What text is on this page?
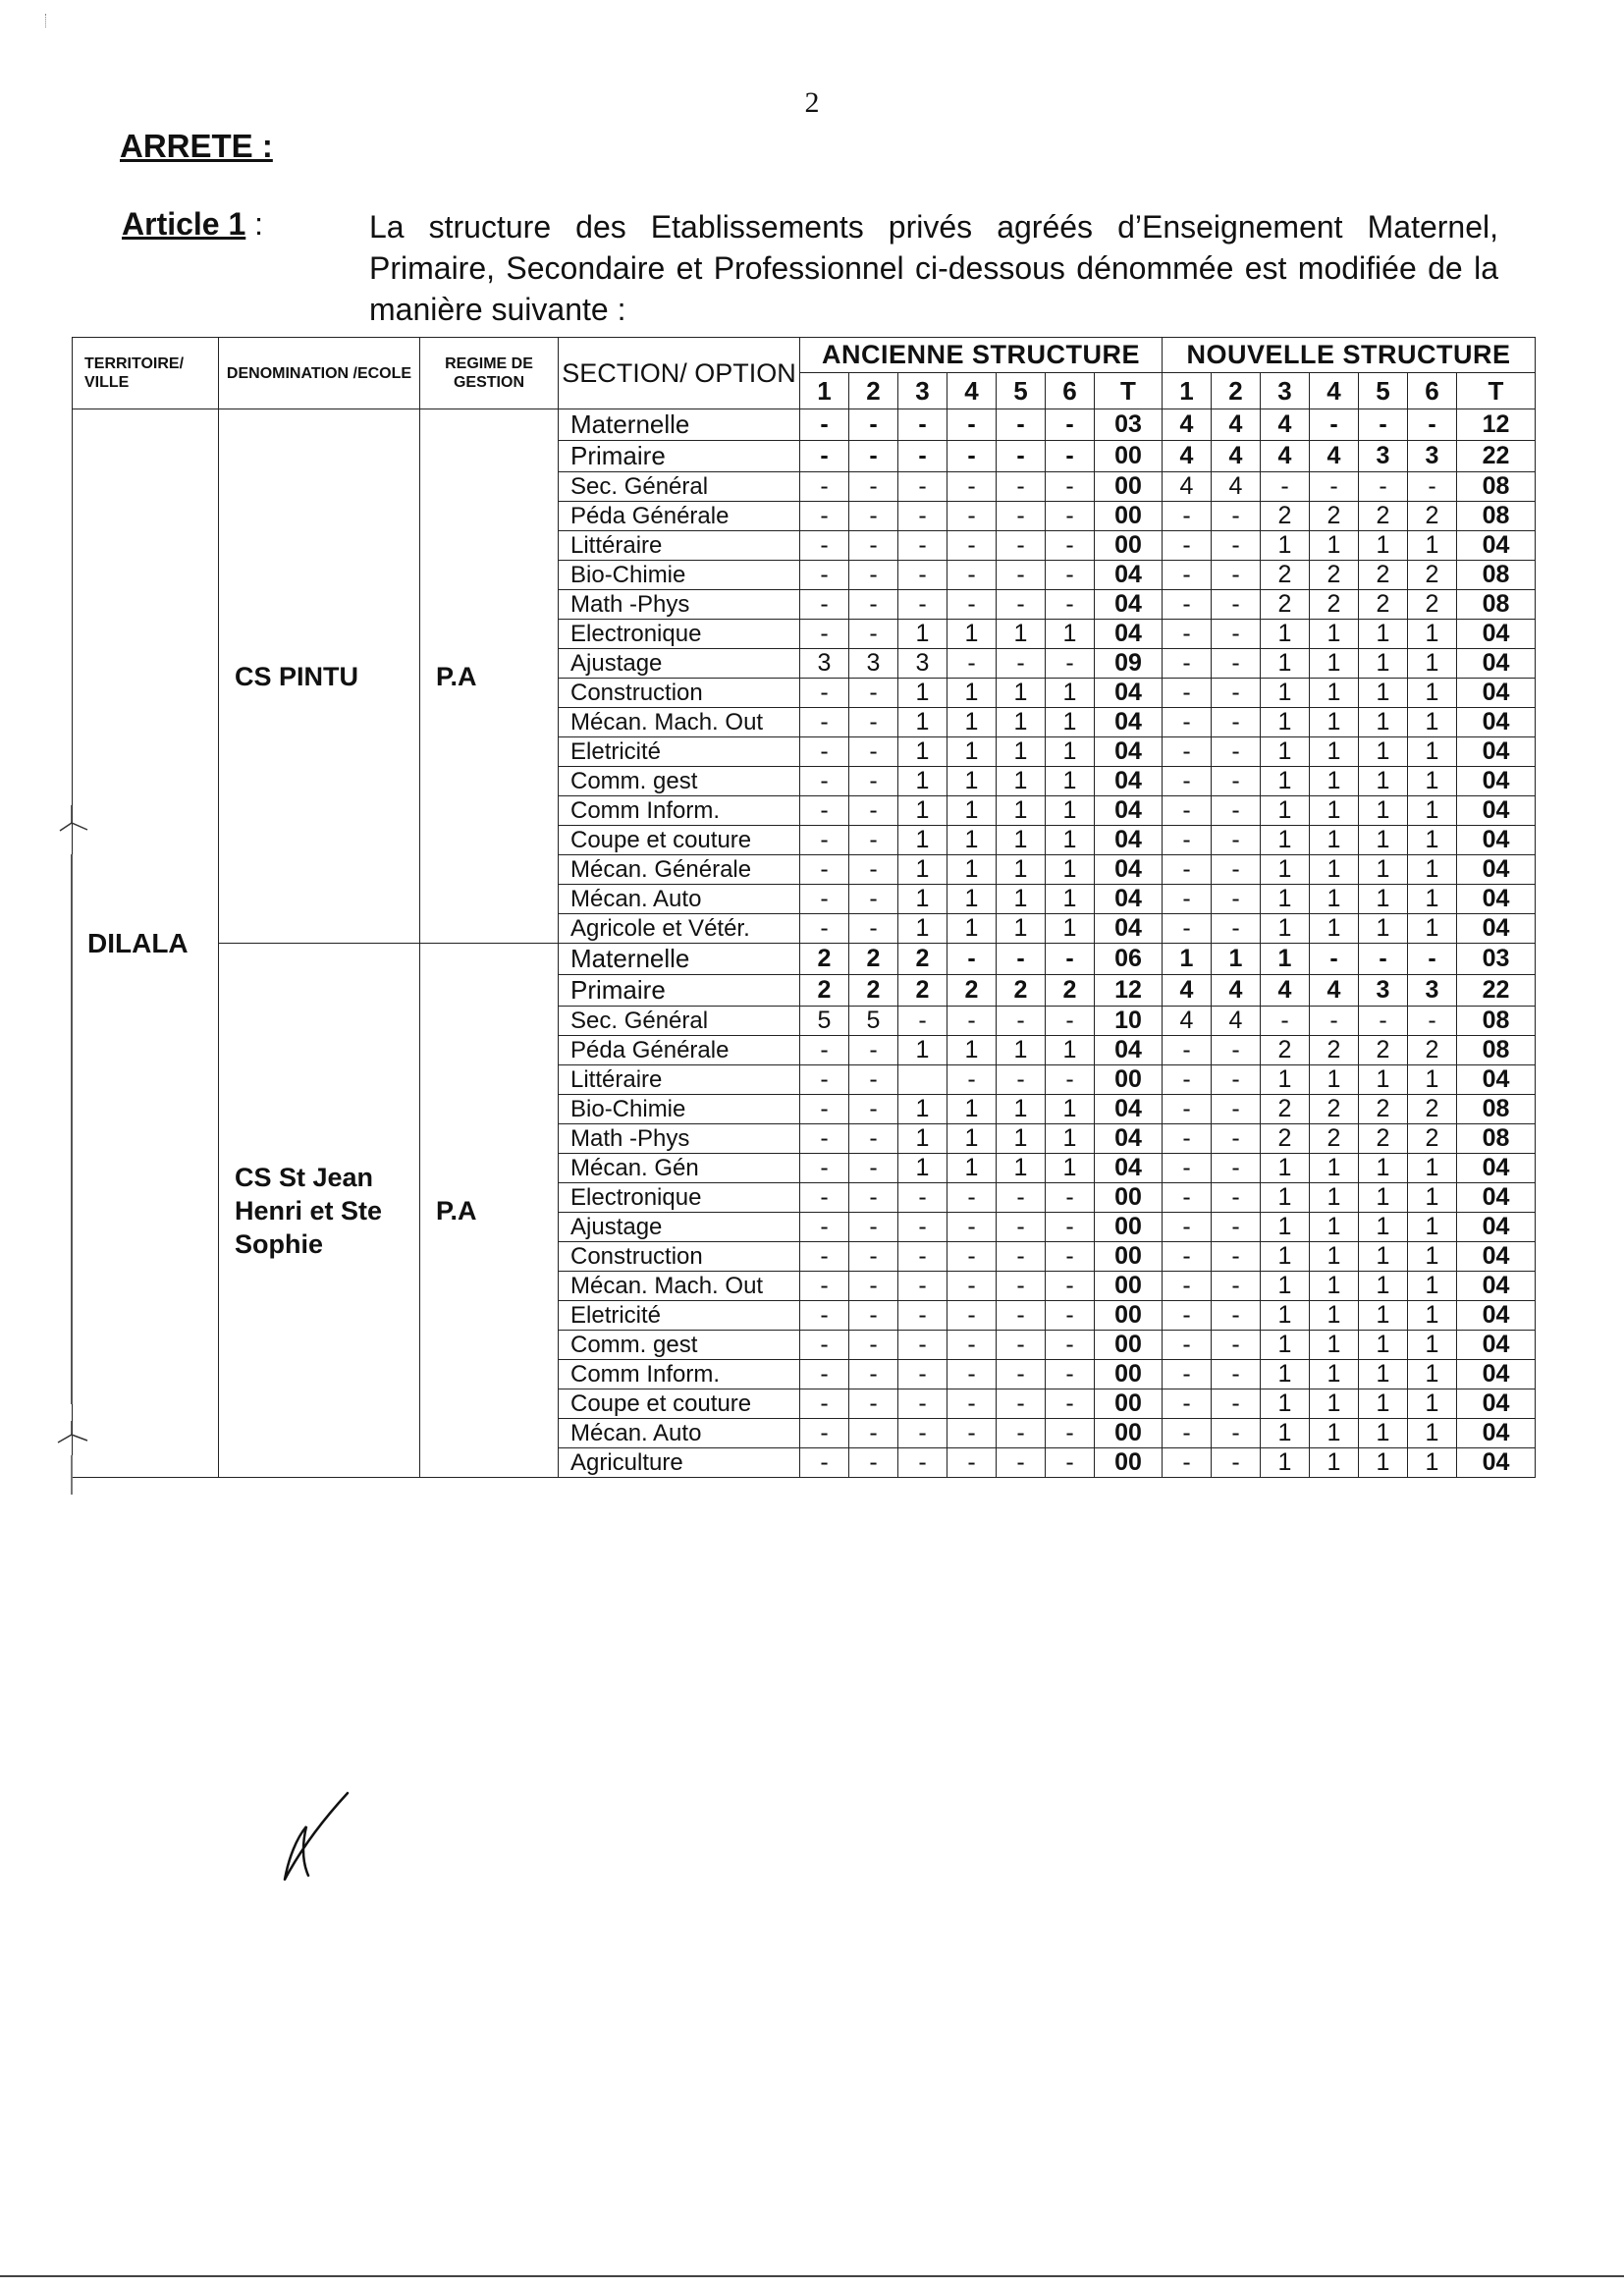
2
ARRETE :
Article 1 :	La structure des Etablissements privés agréés d’Enseignement Maternel, Primaire, Secondaire et Professionnel ci-dessous dénommée est modifiée de la manière suivante :
TERRITOIRE/ VILLE	DENOMINATION /ECOLE	REGIME DE GESTION	SECTION/ OPTION	ANCIENNE STRUCTURE							NOUVELLE STRUCTURE						
				1	2	3	4	5	6	T	1	2	3	4	5	6	T
DILALA	CS PINTU	P.A	Maternelle	-	-	-	-	-	-	03	4	4	4	-	-	-	12
			Primaire	-	-	-	-	-	-	00	4	4	4	4	3	3	22
			Sec. Général	-	-	-	-	-	-	00	4	4	-	-	-	-	08
			Péda Générale	-	-	-	-	-	-	00	-	-	2	2	2	2	08
			Littéraire	-	-	-	-	-	-	00	-	-	1	1	1	1	04
			Bio-Chimie	-	-	-	-	-	-	04	-	-	2	2	2	2	08
			Math -Phys	-	-	-	-	-	-	04	-	-	2	2	2	2	08
			Electronique	-	-	1	1	1	1	04	-	-	1	1	1	1	04
			Ajustage	3	3	3	-	-	-	09	-	-	1	1	1	1	04
			Construction	-	-	1	1	1	1	04	-	-	1	1	1	1	04
			Mécan. Mach. Out	-	-	1	1	1	1	04	-	-	1	1	1	1	04
			Eletricité	-	-	1	1	1	1	04	-	-	1	1	1	1	04
			Comm. gest	-	-	1	1	1	1	04	-	-	1	1	1	1	04
			Comm Inform.	-	-	1	1	1	1	04	-	-	1	1	1	1	04
			Coupe et couture	-	-	1	1	1	1	04	-	-	1	1	1	1	04
			Mécan. Générale	-	-	1	1	1	1	04	-	-	1	1	1	1	04
			Mécan. Auto	-	-	1	1	1	1	04	-	-	1	1	1	1	04
			Agricole et Vétér.	-	-	1	1	1	1	04	-	-	1	1	1	1	04
	CS St Jean Henri et Ste Sophie	P.A	Maternelle	2	2	2	-	-	-	06	1	1	1	-	-	-	03
			Primaire	2	2	2	2	2	2	12	4	4	4	4	3	3	22
			Sec. Général	5	5	-	-	-	-	10	4	4	-	-	-	-	08
			Péda Générale	-	-	1	1	1	1	04	-	-	2	2	2	2	08
			Littéraire	-	-		-	-	-	00	-	-	1	1	1	1	04
			Bio-Chimie	-	-	1	1	1	1	04	-	-	2	2	2	2	08
			Math -Phys	-	-	1	1	1	1	04	-	-	2	2	2	2	08
			Mécan. Gén	-	-	1	1	1	1	04	-	-	1	1	1	1	04
			Electronique	-	-	-	-	-	-	00	-	-	1	1	1	1	04
			Ajustage	-	-	-	-	-	-	00	-	-	1	1	1	1	04
			Construction	-	-	-	-	-	-	00	-	-	1	1	1	1	04
			Mécan. Mach. Out	-	-	-	-	-	-	00	-	-	1	1	1	1	04
			Eletricité	-	-	-	-	-	-	00	-	-	1	1	1	1	04
			Comm. gest	-	-	-	-	-	-	00	-	-	1	1	1	1	04
			Comm Inform.	-	-	-	-	-	-	00	-	-	1	1	1	1	04
			Coupe et couture	-	-	-	-	-	-	00	-	-	1	1	1	1	04
			Mécan. Auto	-	-	-	-	-	-	00	-	-	1	1	1	1	04
			Agriculture	-	-	-	-	-	-	00	-	-	1	1	1	1	04
